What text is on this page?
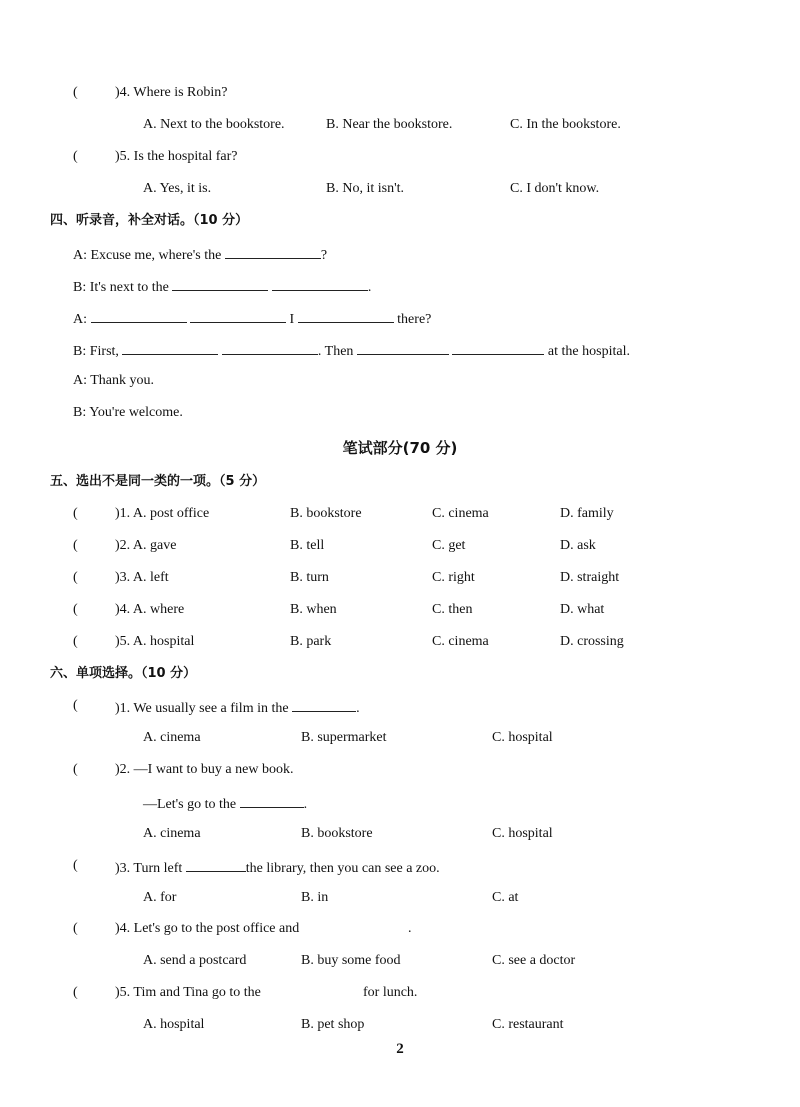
(	)4. Where is Robin?
A. Next to the bookstore.	B. Near the bookstore.	C. In the bookstore.
(	)5. Is the hospital far?
A. Yes, it is.	B. No, it isn't.	C. I don't know.
四、听录音，补全对话。（10 分）
A: Excuse me, where's the	?
B: It's next to the	.
A:	I	there?
B: First,	. Then	at the hospital.
A: Thank you.
B: You're welcome.
笔试部分(70 分)
五、选出不是同一类的一项。（5 分）
(	)1. A. post office	B. bookstore	C. cinema	D. family
(	)2. A. gave	B. tell	C. get	D. ask
(	)3. A. left	B. turn	C. right	D. straight
(	)4. A. where	B. when	C. then	D. what
(	)5. A. hospital	B. park	C. cinema	D. crossing
六、单项选择。（10 分）
(	)1. We usually see a film in the	.
A. cinema	B. supermarket	C. hospital
(	)2. —I want to buy a new book.
—Let's go to the	.
A. cinema	B. bookstore	C. hospital
(	)3. Turn left	the library, then you can see a zoo.
A. for	B. in	C. at
(	)4. Let's go to the post office and	.
A. send a postcard	B. buy some food	C. see a doctor
(	)5. Tim and Tina go to the	for lunch.
A. hospital	B. pet shop	C. restaurant
2
